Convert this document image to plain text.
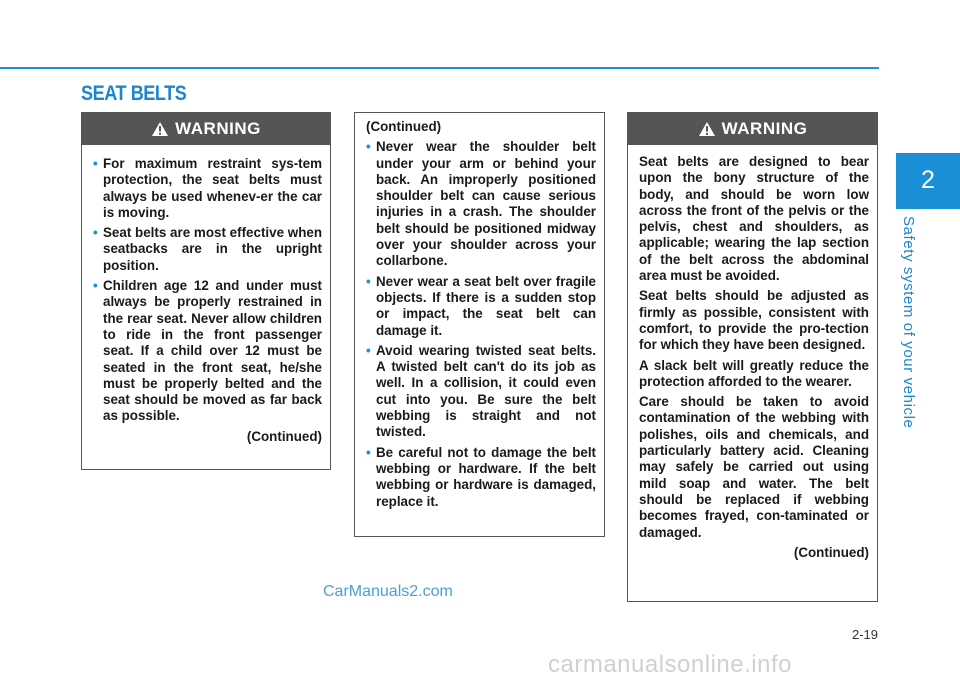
SEAT BELTS
2
Safety system of your vehicle
WARNING
• For maximum restraint sys-tem protection, the seat belts must always be used whenev-er the car is moving.
• Seat belts are most effective when seatbacks are in the upright position.
• Children age 12 and under must always be properly restrained in the rear seat. Never allow children to ride in the front passenger seat. If a child over 12 must be seated in the front seat, he/she must be properly belted and the seat should be moved as far back as possible.
(Continued)
(Continued)
• Never wear the shoulder belt under your arm or behind your back. An improperly positioned shoulder belt can cause serious injuries in a crash. The shoulder belt should be positioned midway over your shoulder across your collarbone.
• Never wear a seat belt over fragile objects. If there is a sudden stop or impact, the seat belt can damage it.
• Avoid wearing twisted seat belts. A twisted belt can't do its job as well. In a collision, it could even cut into you. Be sure the belt webbing is straight and not twisted.
• Be careful not to damage the belt webbing or hardware. If the belt webbing or hardware is damaged, replace it.
WARNING

Seat belts are designed to bear upon the bony structure of the body, and should be worn low across the front of the pelvis or the pelvis, chest and shoulders, as applicable; wearing the lap section of the belt across the abdominal area must be avoided.

Seat belts should be adjusted as firmly as possible, consistent with comfort, to provide the pro-tection for which they have been designed.

A slack belt will greatly reduce the protection afforded to the wearer.

Care should be taken to avoid contamination of the webbing with polishes, oils and chemicals, and particularly battery acid. Cleaning may safely be carried out using mild soap and water. The belt should be replaced if webbing becomes frayed, con-taminated or damaged.

(Continued)
CarManuals2.com
2-19
carmanualsonline.info
